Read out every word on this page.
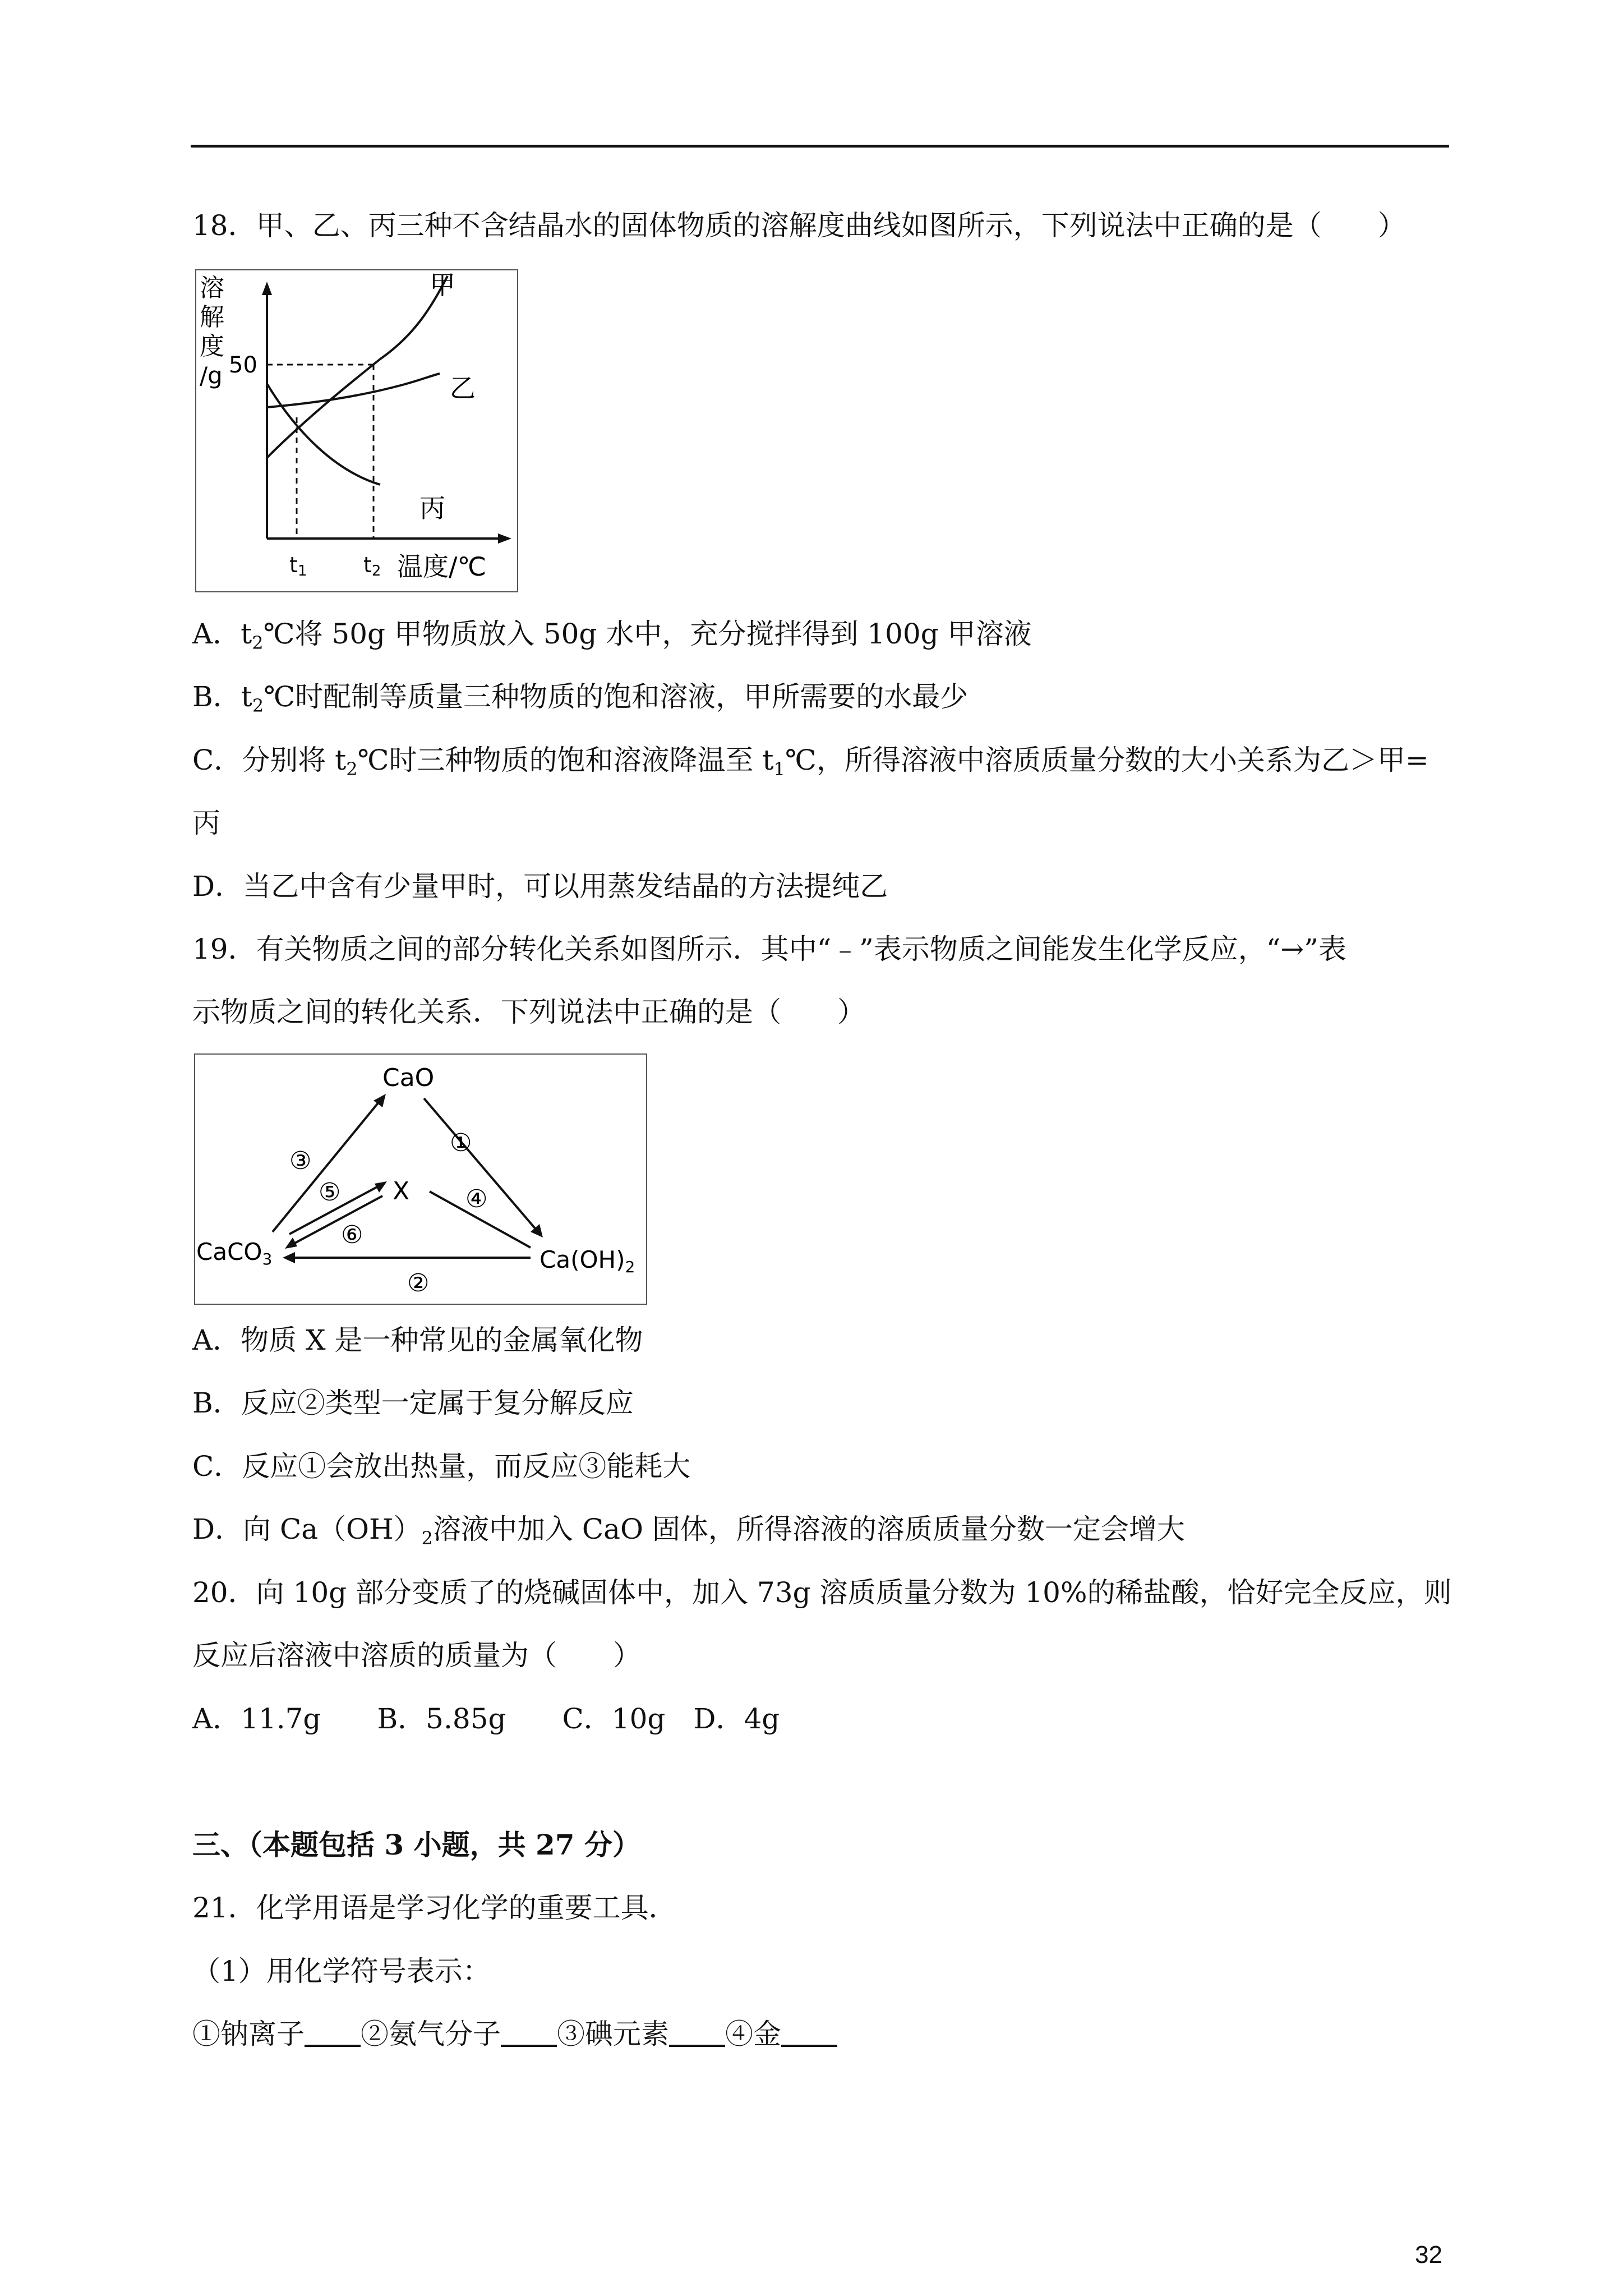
18．甲、乙、丙三种不含结晶水的固体物质的溶解度曲线如图所示，下列说法中正确的是（　　）
溶
解
度
/g 50
甲
乙
丙
t1	t2 温度/℃
A．$t_2℃$将 50g 甲物质放入 50g 水中，充分搅拌得到 100g 甲溶液
B．$t_2℃$时配制等质量三种物质的饱和溶液，甲所需要的水最少
C．分别将 $t_2℃$时三种物质的饱和溶液降温至 $t_1℃$，所得溶液中溶质质量分数的大小关系为乙＞甲=
丙
D．当乙中含有少量甲时，可以用蒸发结晶的方法提纯乙
19．有关物质之间的部分转化关系如图所示．其中“﹣”表示物质之间能发生化学反应，“→”表
示物质之间的转化关系．下列说法中正确的是（　　）
CaO
X
CaCO3	Ca(OH)2
①
②
③
④
⑤
⑥
A．物质 X 是一种常见的金属氧化物
B．反应②类型一定属于复分解反应
C．反应①会放出热量，而反应③能耗大
D．向 $Ca(OH)_2$溶液中加入 CaO 固体，所得溶液的溶质质量分数一定会增大
20．向 10g 部分变质了的烧碱固体中，加入 73g 溶质质量分数为 10%的稀盐酸，恰好完全反应，则
反应后溶液中溶质的质量为（　　）
A．11.7g　　B．5.85g　　C．10g　D．4g
三、（本题包括 3 小题，共 27 分）
21．化学用语是学习化学的重要工具．
（1）用化学符号表示：
①钠离子 ②氨气分子 ③碘元素 ④金
32
